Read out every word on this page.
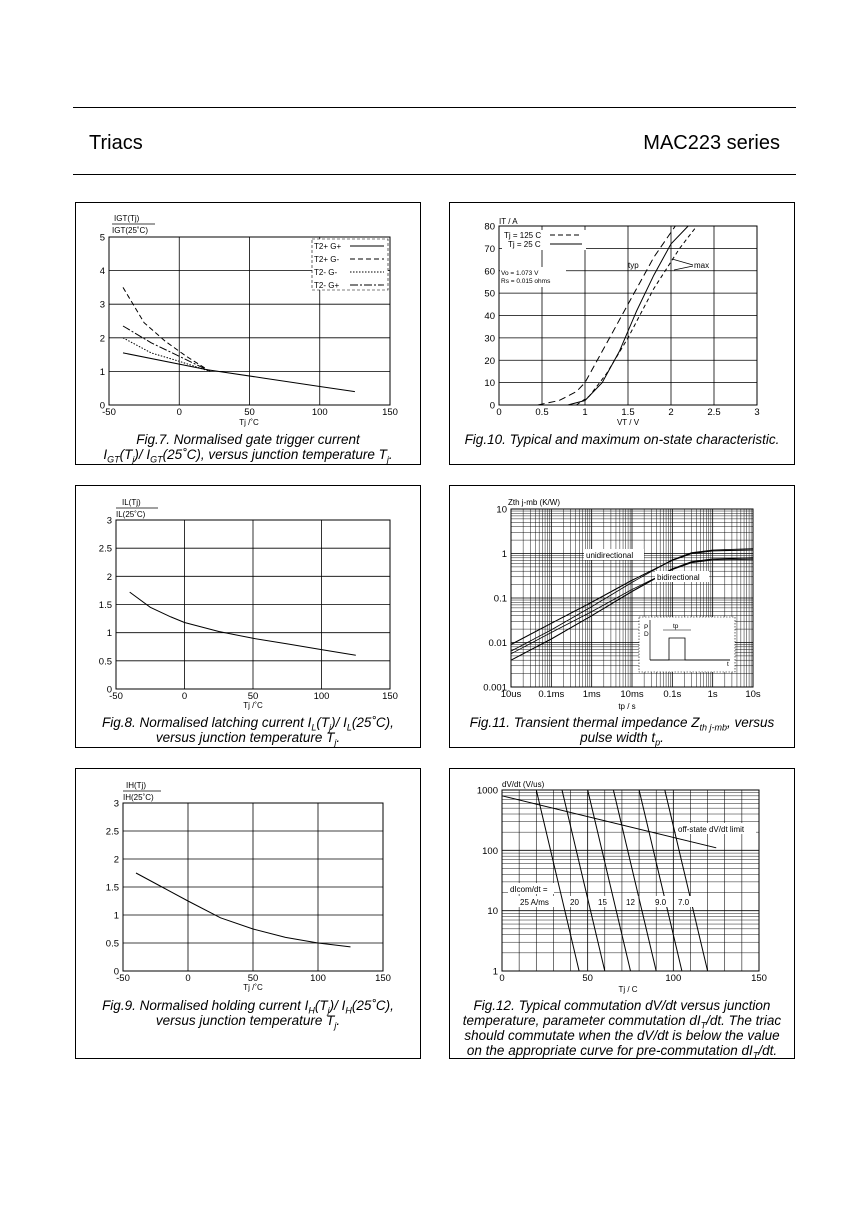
Triacs	MAC223 series
IGT(Tj)
IGT(25˚C)
-50	0	50	100	150
0
1
2
3
4
5
T2+ G+
T2+ G-
T2- G-
T2- G+
Tj /˚C
Fig.7. Normalised gate trigger current
$I_{GT}(T_j)/$ $I_{GT}(25˚C)$, versus junction temperature $T_j$.
IT / A
0	0.5	1	1.5	2	2.5	3
0
10
20
30
40
50
60
70
80
Tj = 125 C
Tj = 25 C
Vo = 1.073 V
Rs = 0.015 ohms
typ	max
VT / V
Fig.10. Typical and maximum on-state characteristic.
IL(Tj)
IL(25˚C)
-50	0	50	100	150
0
0.5
1
1.5
2
2.5
3
Tj /˚C
Fig.8. Normalised latching current $I_L(T_j)/$ $I_L(25˚C)$,
versus junction temperature $T_j$.
Zth j-mb (K/W)
10us 0.1ms 1ms 10ms 0.1s	1s	10s
0.001
0.01
0.1
1
10
unidirectional
bidirectional
P
D
tp
t
tp / s
Fig.11. Transient thermal impedance $Z_{th j-mb}$, versus
pulse width $t_p$.
IH(Tj)
IH(25˚C)
-50	0	50	100	150
0
0.5
1
1.5
2
2.5
3
Tj /˚C
Fig.9. Normalised holding current $I_H(T_j)/$ $I_H(25˚C)$,
versus junction temperature $T_j$.
dV/dt (V/us)
0	50	100	150
1
10
100
1000
off-state dV/dt limit
dIcom/dt =
25 A/ms	20 15 12	9.0 7.0
Tj / C
Fig.12. Typical commutation dV/dt versus junction
temperature, parameter commutation $dI_T/dt$. The triac
should commutate when the dV/dt is below the value
on the appropriate curve for pre-commutation $dI_T/dt$.
